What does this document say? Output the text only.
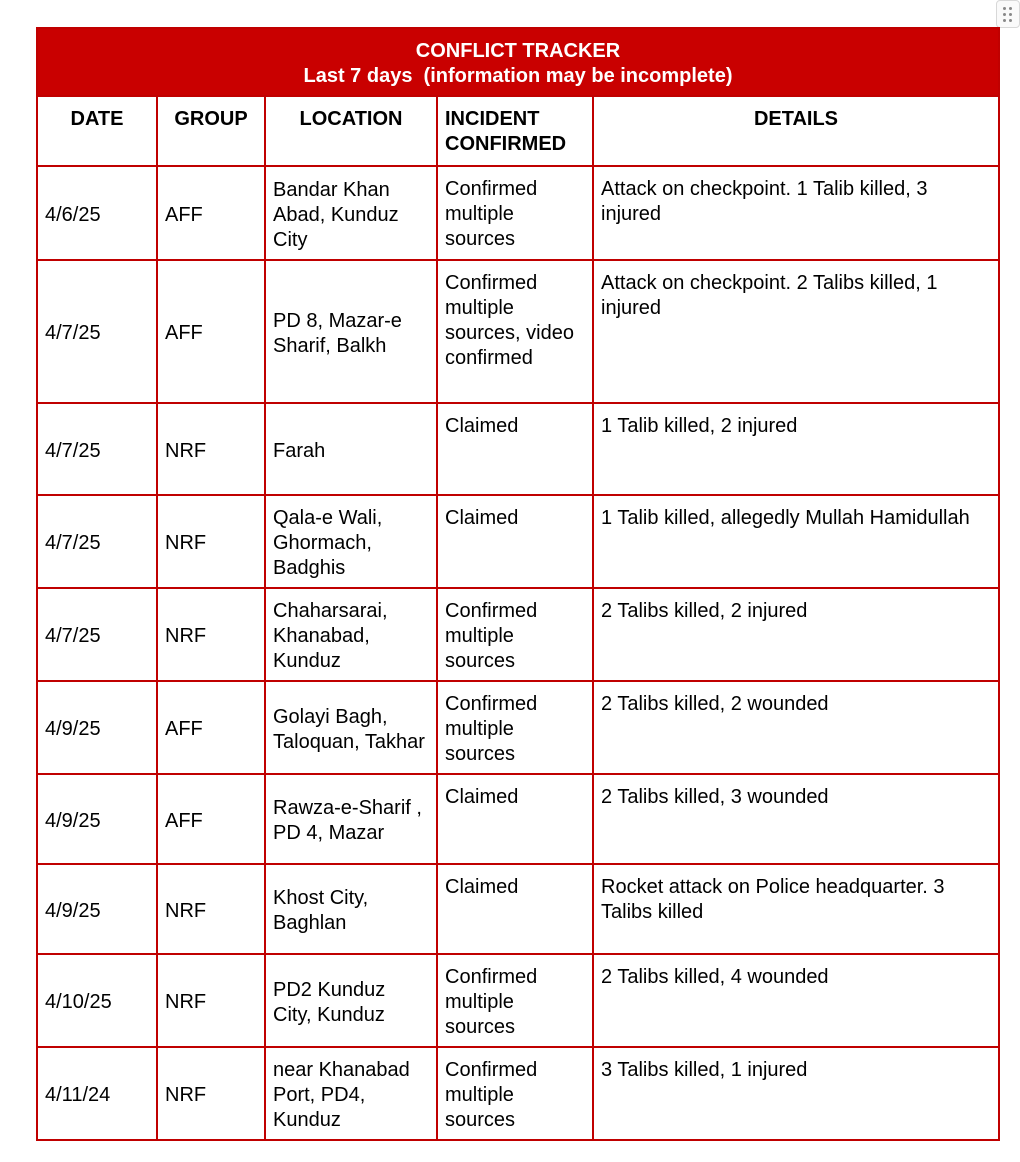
CONFLICT TRACKER
Last 7 days  (information may be incomplete)				

DATE	GROUP	LOCATION	INCIDENT CONFIRMED	DETAILS
4/6/25	AFF	Bandar Khan Abad, Kunduz City	Confirmed multiple sources	Attack on checkpoint. 1 Talib killed, 3 injured
4/7/25	AFF	PD 8, Mazar-e Sharif, Balkh	Confirmed multiple sources, video confirmed	Attack on checkpoint. 2 Talibs killed, 1 injured
4/7/25	NRF	Farah	Claimed	1 Talib killed, 2 injured
4/7/25	NRF	Qala-e Wali, Ghormach, Badghis	Claimed	1 Talib killed, allegedly Mullah Hamidullah
4/7/25	NRF	Chaharsarai, Khanabad, Kunduz	Confirmed multiple sources	2 Talibs killed, 2 injured
4/9/25	AFF	Golayi Bagh, Taloquan, Takhar	Confirmed multiple sources	2 Talibs killed, 2 wounded
4/9/25	AFF	Rawza-e-Sharif , PD 4, Mazar	Claimed	2 Talibs killed, 3 wounded
4/9/25	NRF	Khost City, Baghlan	Claimed	Rocket attack on Police headquarter. 3 Talibs killed
4/10/25	NRF	PD2 Kunduz City, Kunduz	Confirmed multiple sources	2 Talibs killed, 4 wounded
4/11/24	NRF	near Khanabad Port, PD4, Kunduz	Confirmed multiple sources	3 Talibs killed, 1 injured
